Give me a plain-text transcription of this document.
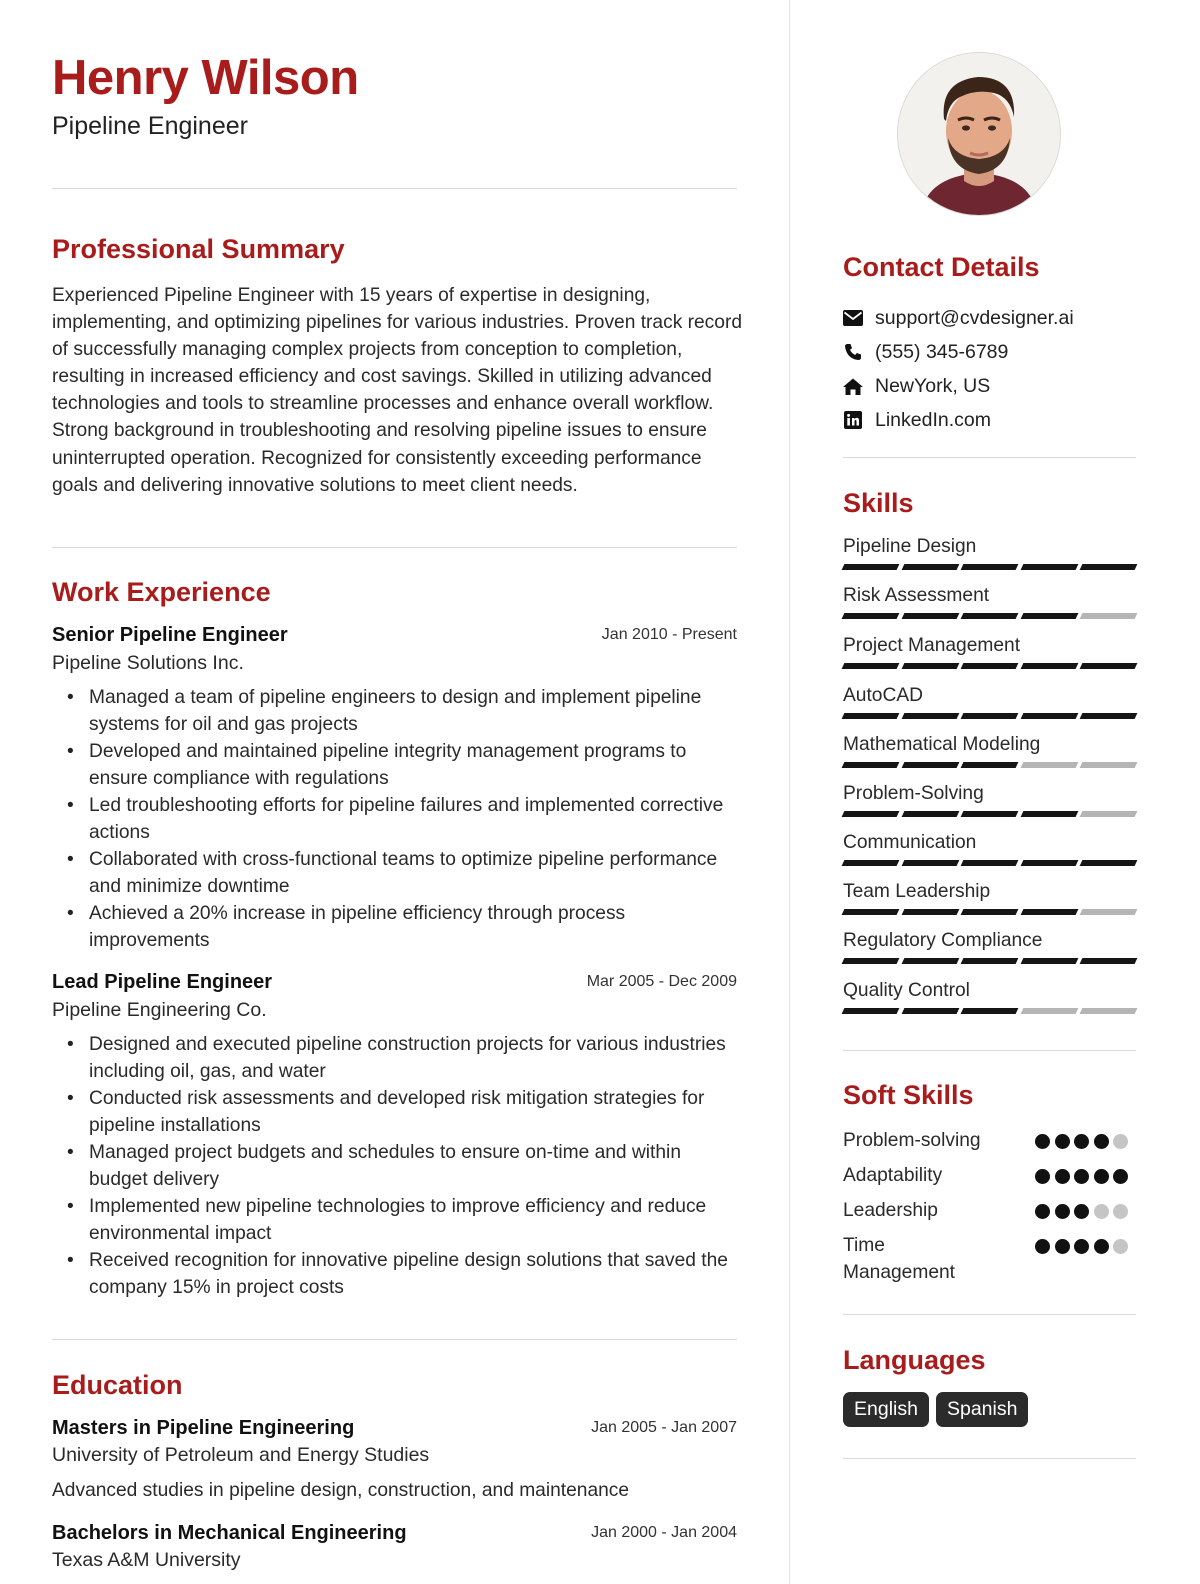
Henry Wilson
Pipeline Engineer
Professional Summary
Experienced Pipeline Engineer with 15 years of expertise in designing, implementing, and optimizing pipelines for various industries. Proven track record of successfully managing complex projects from conception to completion, resulting in increased efficiency and cost savings. Skilled in utilizing advanced technologies and tools to streamline processes and enhance overall workflow. Strong background in troubleshooting and resolving pipeline issues to ensure uninterrupted operation. Recognized for consistently exceeding performance goals and delivering innovative solutions to meet client needs.
Work Experience
Senior Pipeline Engineer	Jan 2010 - Present
Pipeline Solutions Inc.
• Managed a team of pipeline engineers to design and implement pipeline systems for oil and gas projects
• Developed and maintained pipeline integrity management programs to ensure compliance with regulations
• Led troubleshooting efforts for pipeline failures and implemented corrective actions
• Collaborated with cross-functional teams to optimize pipeline performance and minimize downtime
• Achieved a 20% increase in pipeline efficiency through process improvements
Lead Pipeline Engineer	Mar 2005 - Dec 2009
Pipeline Engineering Co.
• Designed and executed pipeline construction projects for various industries including oil, gas, and water
• Conducted risk assessments and developed risk mitigation strategies for pipeline installations
• Managed project budgets and schedules to ensure on-time and within budget delivery
• Implemented new pipeline technologies to improve efficiency and reduce environmental impact
• Received recognition for innovative pipeline design solutions that saved the company 15% in project costs
Education
Masters in Pipeline Engineering	Jan 2005 - Jan 2007
University of Petroleum and Energy Studies
Advanced studies in pipeline design, construction, and maintenance
Bachelors in Mechanical Engineering	Jan 2000 - Jan 2004
Texas A&M University
Contact Details
support@cvdesigner.ai
(555) 345-6789
NewYork, US
LinkedIn.com
Skills
Pipeline Design
Risk Assessment
Project Management
AutoCAD
Mathematical Modeling
Problem-Solving
Communication
Team Leadership
Regulatory Compliance
Quality Control
Soft Skills
Problem-solving
Adaptability
Leadership
Time Management
Languages
English	Spanish
